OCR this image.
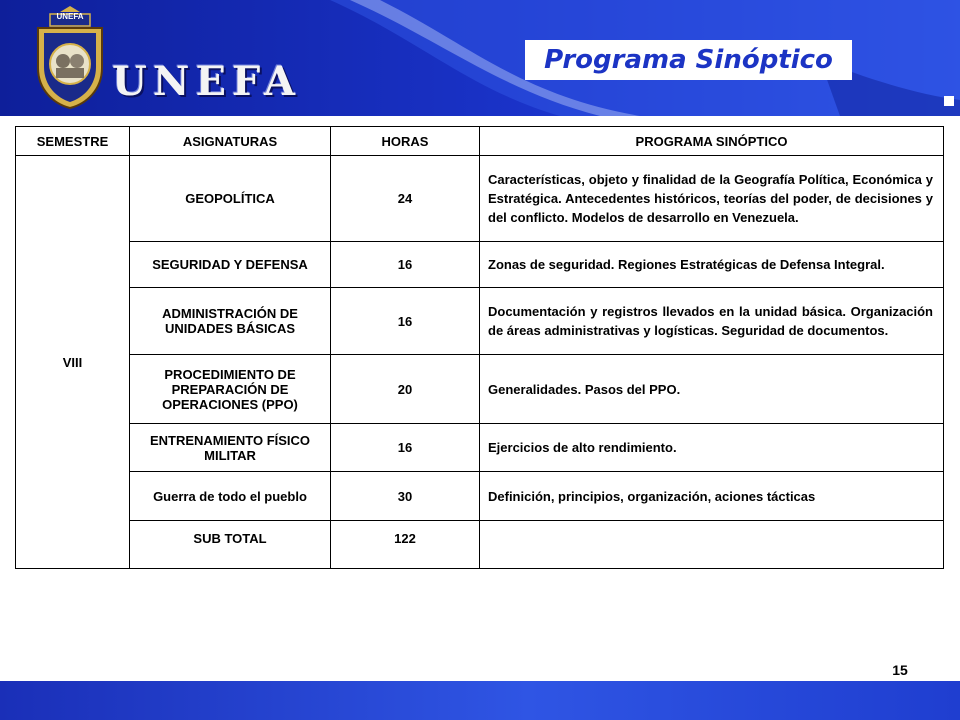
UNEFA
UNEFA	Programa Sinóptico
SEMESTRE	ASIGNATURAS	HORAS	PROGRAMA SINÓPTICO
VIII	GEOPOLÍTICA	24	Características, objeto y finalidad de la Geografía Política, Económica y Estratégica. Antecedentes históricos, teorías del poder, de decisiones y del conflicto. Modelos de desarrollo en Venezuela.
	SEGURIDAD Y DEFENSA	16	Zonas de seguridad. Regiones Estratégicas de Defensa Integral.
	ADMINISTRACIÓN DE UNIDADES BÁSICAS	16	Documentación y registros llevados en la unidad básica. Organización de áreas administrativas y logísticas. Seguridad de documentos.
	PROCEDIMIENTO DE PREPARACIÓN DE OPERACIONES (PPO)	20	Generalidades. Pasos del PPO.
	ENTRENAMIENTO FÍSICO MILITAR	16	Ejercicios de alto rendimiento.
	Guerra de todo el pueblo	30	Definición, principios, organización, aciones tácticas
	SUB TOTAL	122	
15
